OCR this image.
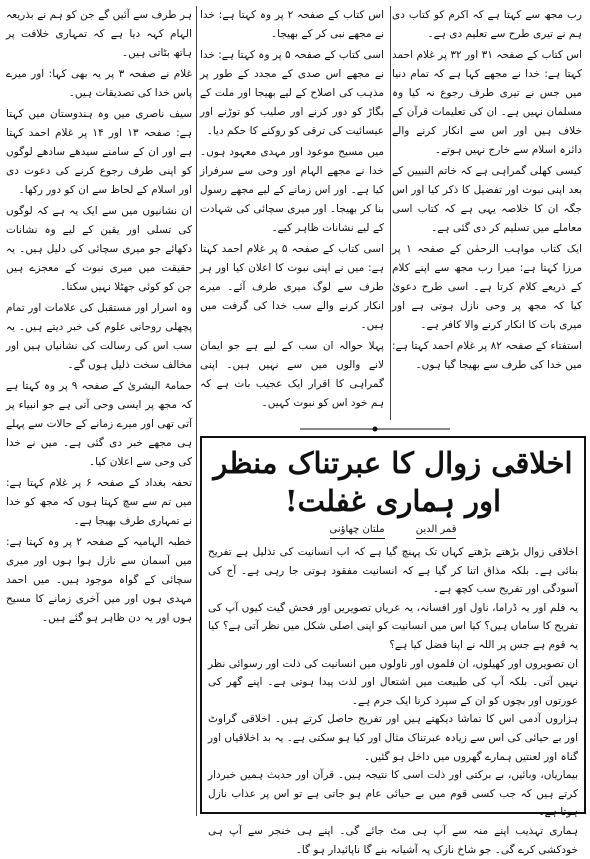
رب مجھ سے کہتا ہے کہ اکرم کو کتاب دی ہم نے تیری طرح سے تعلیم دی ہے۔

اس کتاب کے صفحہ ۳۱ اور ۳۲ پر غلام احمد کہتا ہے: خدا نے مجھے کہا ہے کہ تمام دنیا میں جس نے تیری طرف رجوع نہ کیا وہ مسلمان نہیں ہے۔ ان کی تعلیمات قرآن کے خلاف ہیں اور اس سے انکار کرنے والے دائرہ اسلام سے خارج نہیں ہوتے۔

کیسی کھلی گمراہی ہے کہ خاتم النبیین کے بعد اپنی نبوت اور تفضیل کا ذکر کیا اور اس جگہ ان کا خلاصہ یہی ہے کہ کتاب اسی معاملے میں تسلیم کر دی گئی ہے۔

ایک کتاب مواہب الرحمٰن کے صفحہ ۱ پر مرزا کہتا ہے: میرا رب مجھ سے اپنے کلام کے ذریعے کلام کرتا ہے۔ اسی طرح دعویٰ کیا کہ مجھ پر وحی نازل ہوتی ہے اور میری بات کا انکار کرنے والا کافر ہے۔

استفتاء کے صفحہ ۸۲ پر غلام احمد کہتا ہے: میں خدا کی طرف سے بھیجا گیا ہوں۔

اس کتاب کے صفحہ ۲ پر وہ کہتا ہے: خدا نے مجھے نبی کر کے بھیجا۔

اسی کتاب کے صفحہ ۵ پر وہ کہتا ہے: خدا نے مجھے اس صدی کے مجدد کے طور پر مذہب کی اصلاح کے لیے بھیجا اور ملت کے بگاڑ کو دور کرنے اور صلیب کو توڑنے اور عیسائیت کی ترقی کو روکنے کا حکم دیا۔

میں مسیح موعود اور مہدی معہود ہوں۔ خدا نے مجھے الہام اور وحی سے سرفراز کیا ہے۔ اور اس زمانے کے لیے مجھے رسول بنا کر بھیجا۔ اور میری سچائی کی شہادت کے لیے نشانات ظاہر کیے۔

اسی کتاب کے صفحہ ۵ پر غلام احمد کہتا ہے: میں نے اپنی نبوت کا اعلان کیا اور ہر طرف سے لوگ میری طرف آئے۔ میرے انکار کرنے والے سب خدا کی گرفت میں ہیں۔

پہلا حوالہ ان سب کے لیے ہے جو ایمان لانے والوں میں سے نہیں ہیں۔ اپنی گمراہی کا اقرار ایک عجیب بات ہے کہ ہم خود اس کو نبوت کہیں۔

ہر طرف سے آئیں گے جن کو ہم نے بذریعہ الہام کہہ دیا ہے کہ تمہاری خلافت پر ہاتھ بٹاتی ہیں۔

غلام نے صفحہ ۳ پر یہ بھی کہا: اور میرے پاس خدا کی تصدیقات ہیں۔

سیف ناصری میں وہ ہندوستان میں کہتا ہے: صفحہ ۱۳ اور ۱۴ پر غلام احمد کہتا ہے اور ان کے سامنے سیدھے سادھے لوگوں کو اپنی طرف رجوع کرنے کی دعوت دی اور اسلام کے لحاظ سے ان کو دور رکھا۔

ان نشانیوں میں سے ایک یہ ہے کہ لوگوں کی تسلی اور یقین کے لیے وہ نشانات دکھائے جو میری سچائی کی دلیل ہیں۔ یہ حقیقت میں میری نبوت کے معجزے ہیں جن کو کوئی جھٹلا نہیں سکتا۔

وہ اسرار اور مستقبل کی علامات اور تمام پچھلی روحانی علوم کی خبر دیتے ہیں۔ یہ سب اس کی رسالت کی نشانیاں ہیں اور مخالف سخت ذلیل ہوں گے۔

حمامۃ البشریٰ کے صفحہ ۹ پر وہ کہتا ہے کہ مجھ پر ایسی وحی آتی ہے جو انبیاء پر آتی تھی اور میرے زمانے کے حالات سے پہلے ہی مجھے خبر دی گئی ہے۔ میں نے خدا کی وحی سے اعلان کیا۔

تحفہ بغداد کے صفحہ ۶ پر غلام کہتا ہے: میں تم سے سچ کہتا ہوں کہ مجھ کو خدا نے تمہاری طرف بھیجا ہے۔

خطبہ الہامیہ کے صفحہ ۲ پر وہ کہتا ہے: میں آسمان سے نازل ہوا ہوں اور میری سچائی کے گواہ موجود ہیں۔ میں احمد مہدی ہوں اور میں آخری زمانے کا مسیح ہوں اور یہ دن ظاہر ہو گئے ہیں۔

اخلاقی زوال کا عبرتناک منظر اور ہماری غفلت!
قمر الدین ملتان چھاؤنی

اخلاقی زوال بڑھتے بڑھتے کہاں تک پہنچ گیا ہے کہ اب انسانیت کی تذلیل ہے تفریح بنائی ہے۔ بلکہ مذاق اتنا کر گیا ہے کہ انسانیت مفقود ہوتی جا رہی ہے۔ آج کی آسودگی اور تفریح سب کچھ ہے۔

یہ فلم اور یہ ڈراما، ناول اور افسانہ، یہ عریاں تصویریں اور فحش گیت کیوں آپ کی تفریح کا ساماں ہیں؟ کیا اس میں انسانیت کو اپنی اصلی شکل میں نظر آتی ہے؟ کیا یہ قوم ہے جس پر اللہ نے اپنا فضل کیا ہے؟

ان تصویروں اور کھیلوں، ان فلموں اور ناولوں میں انسانیت کی ذلت اور رسوائی نظر نہیں آتی۔ بلکہ آپ کی طبیعت میں اشتعال اور لذت پیدا ہوتی ہے۔ اپنے گھر کی عورتوں اور بچوں کو ان کے سپرد کرنا ایک جرم ہے۔

ہزاروں آدمی اس کا تماشا دیکھتے ہیں اور تفریح حاصل کرتے ہیں۔ اخلاقی گراوٹ اور بے حیائی کی اس سے زیادہ عبرتناک مثال اور کیا ہو سکتی ہے۔ یہ بد اخلاقیاں اور گناہ اور لعنتیں ہمارے گھروں میں داخل ہو گئیں۔

بیماریاں، وبائیں، بے برکتی اور ذلت اسی کا نتیجہ ہیں۔ قرآن اور حدیث ہمیں خبردار کرتے ہیں کہ جب کسی قوم میں بے حیائی عام ہو جاتی ہے تو اس پر عذاب نازل ہوتا ہے۔

ہماری تہذیب اپنے منہ سے آپ ہی مٹ جائے گی۔ اپنے ہی خنجر سے آپ ہی خودکشی کرے گی۔ جو شاخ نازک پہ آشیانہ بنے گا ناپائیدار ہو گا۔
